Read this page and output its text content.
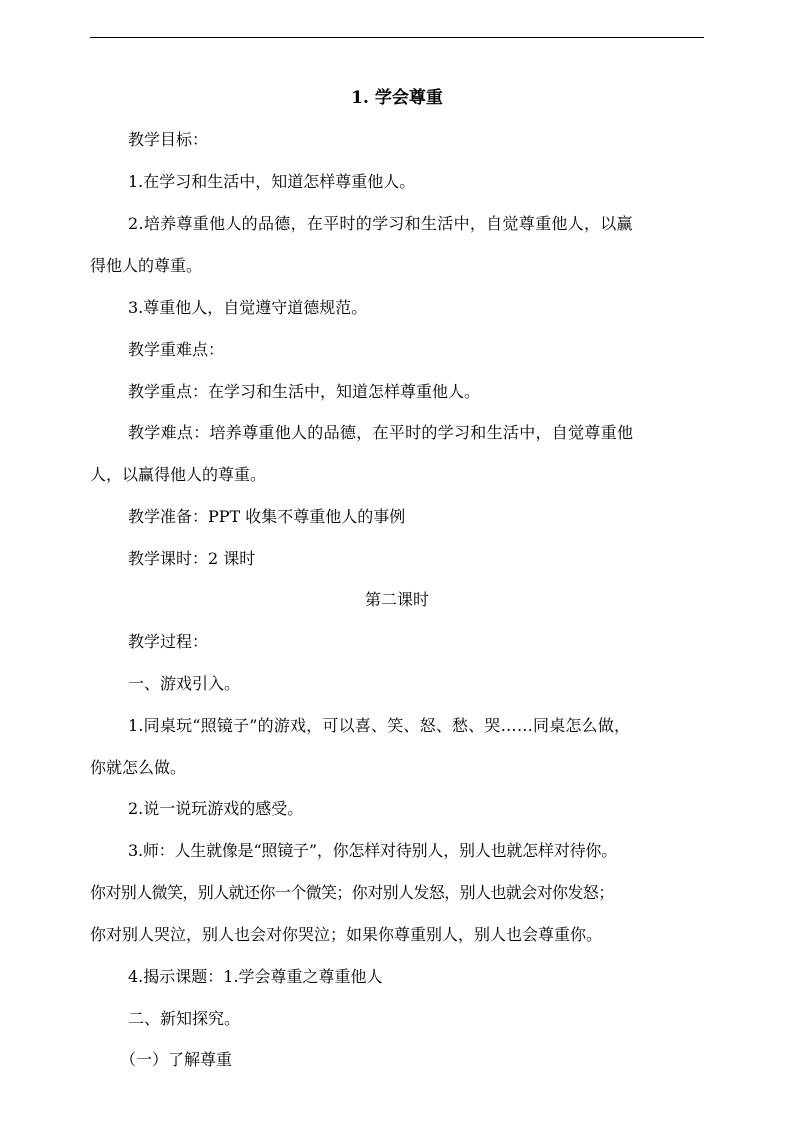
1. 学会尊重
教学目标：
1.在学习和生活中，知道怎样尊重他人。
2.培养尊重他人的品德，在平时的学习和生活中，自觉尊重他人，以赢
得他人的尊重。
3.尊重他人，自觉遵守道德规范。
教学重难点：
教学重点：在学习和生活中，知道怎样尊重他人。
教学难点：培养尊重他人的品德，在平时的学习和生活中，自觉尊重他
人，以赢得他人的尊重。
教学准备：PPT 收集不尊重他人的事例
教学课时：2 课时
第二课时
教学过程：
一、游戏引入。
1.同桌玩“照镜子”的游戏，可以喜、笑、怒、愁、哭……同桌怎么做，
你就怎么做。
2.说一说玩游戏的感受。
3.师：人生就像是“照镜子”，你怎样对待别人，别人也就怎样对待你。
你对别人微笑，别人就还你一个微笑；你对别人发怒，别人也就会对你发怒；
你对别人哭泣，别人也会对你哭泣；如果你尊重别人，别人也会尊重你。
4.揭示课题：1.学会尊重之尊重他人
二、新知探究。
（一）了解尊重
